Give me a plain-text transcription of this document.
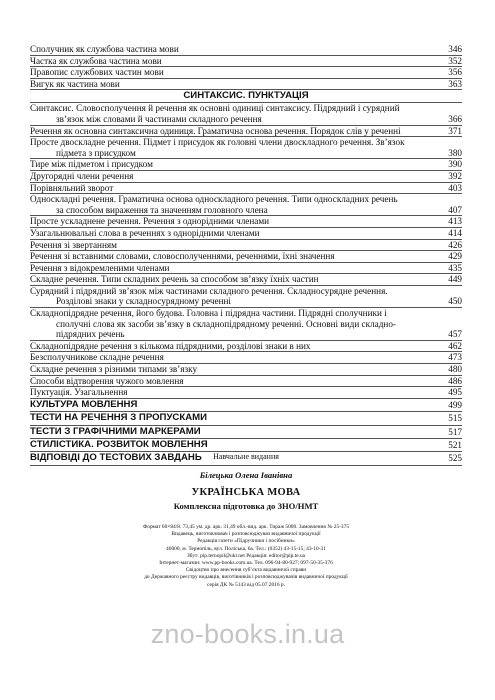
Сполучник як службова частина мови	346
Частка як службова частина мови	352
Правопис службових частин мови	356
Вигук як частина мови	363
СИНТАКСИС. ПУНКТУАЦІЯ
Синтаксис. Словосполучення й речення як основні одиниці синтаксису. Підрядний і сурядний
зв’язок між словами й частинами складного речення	366
Речення як основна синтаксична одиниця. Граматична основа речення. Порядок слів у реченні	371
Просте двоскладне речення. Підмет і присудок як головні члени двоскладного речення. Зв’язок
підмета з присудком	380
Тире між підметом і присудком	390
Другорядні члени речення	392
Порівняльний зворот	403
Односкладні речення. Граматична основа односкладного речення. Типи односкладних речень
за способом вираження та значенням головного члена	407
Просте ускладнене речення. Речення з однорідними членами	413
Узагальнювальні слова в реченнях з однорідними членами	414
Речення зі звертанням	426
Речення зі вставними словами, словосполученнями, реченнями, їхні значення	429
Речення з відокремленими членами	435
Складне речення. Типи складних речень за способом зв’язку їхніх частин	449
Сурядний і підрядний зв’язок між частинами складного речення. Складносурядне речення.
Розділові знаки у складносурядному реченні	450
Складнопідрядне речення, його будова. Головна і підрядна частини. Підрядні сполучники і
сполучні слова як засоби зв’язку в складнопідрядному реченні. Основні види складно-
підрядних речень	457
Складнопідрядне речення з кількома підрядними, розділові знаки в них	462
Безсполучникове складне речення	473
Складне речення з різними типами зв’язку	480
Способи відтворення чужого мовлення	486
Пуктуація. Узагальнення	495
КУЛЬТУРА МОВЛЕННЯ	499
ТЕСТИ НА РЕЧЕННЯ З ПРОПУСКАМИ	515
ТЕСТИ З ГРАФІЧНИМИ МАРКЕРАМИ	517
СТИЛІСТИКА. РОЗВИТОК МОВЛЕННЯ	521
ВІДПОВІДІ ДО ТЕСТОВИХ ЗАВДАНЬ	525
Навчальне видання
Білецька Олена Іванівна
УКРАЇНСЬКА МОВА
Комплексна підготовка до ЗНО/НМТ
Формат 60×84/8. 73,45 ум. др. арк. 31,49 обл.-вид. арк. Тираж 5000. Замовлення № 25-375
Видавець, виготовлювач і розповсюджувач видавничої продукції
Редакція газети «Підручники і посібники»
46000, м. Тернопіль, вул. Поліська, 6а. Тел.: (0352) 43-15-15; 43-10-31
Збут: pip.ternopil@ukr.net Редакція: editor@pip.te.ua
Інтернет-магазин: www.pp-books.com.ua. Тел. 096-94-80-927; 097-50-35-376
Свідоцтво про внесення суб’єкта видавничої справи
до Державного реєстру видавців, виготівників і розповсюджувачів видавничої продукції
серія ДК № 5143 від 05.07.2016 р.
zno-books.in.ua
